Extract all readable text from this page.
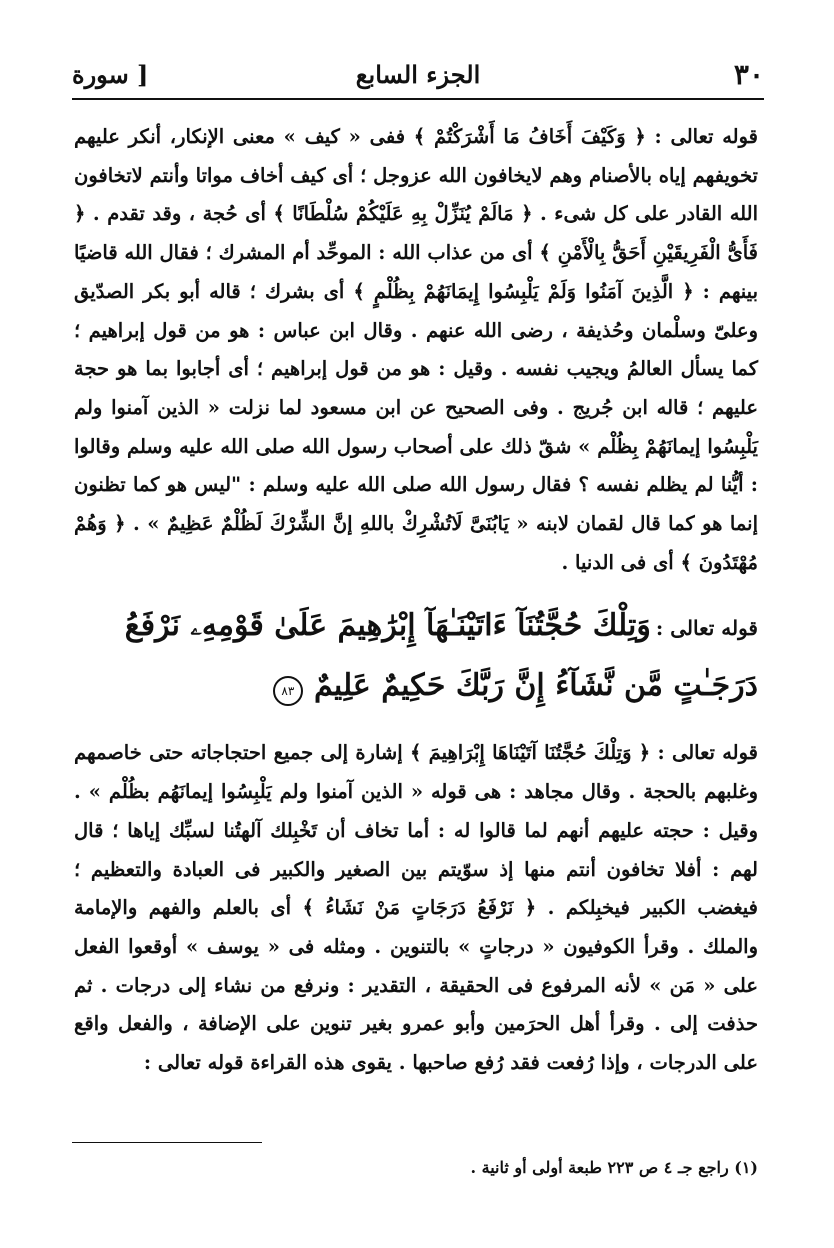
٣٠
الجزء السابع
[ سورة

قوله تعالى : ﴿ وَكَيْفَ أَخَافُ مَا أَشْرَكْتُمْ ﴾ ففى « كيف » معنى الإنكار، أنكر عليهم تخويفهم إياه بالأصنام وهم لايخافون الله عزوجل ؛ أى كيف أخاف مواتا وأنتم لاتخافون الله القادر على كل شىء . ﴿ مَالَمْ يُنَزِّلْ بِهِ عَلَيْكُمْ سُلْطَانًا ﴾ أى حُجة ، وقد تقدم . ﴿ فَأَىُّ الْفَرِيقَيْنِ أَحَقُّ بِالْأَمْنِ ﴾ أى من عذاب الله : الموحِّد أم المشرك ؛ فقال الله قاضيًا بينهم : ﴿ الَّذِينَ آمَنُوا وَلَمْ يَلْبِسُوا إِيمَانَهُمْ بِظُلْمٍ ﴾ أى بشرك ؛ قاله أبو بكر الصدّيق وعلىّ وسلْمان وحُذيفة ، رضى الله عنهم . وقال ابن عباس : هو من قول إبراهيم ؛ كما يسأل العالمُ ويجيب نفسه . وقيل : هو من قول إبراهيم ؛ أى أجابوا بما هو حجة عليهم ؛ قاله ابن جُريج . وفى الصحيح عن ابن مسعود لما نزلت « الذين آمنوا ولم يَلْبِسُوا إيمانَهُمْ بِظُلْم » شقّ ذلك على أصحاب رسول الله صلى الله عليه وسلم وقالوا : أيُّنا لم يظلم نفسه ؟ فقال رسول الله صلى الله عليه وسلم : "ليس هو كما تظنون إنما هو كما قال لقمان لابنه « يَابُنَىَّ لَاتُشْرِكْ باللهِ إنَّ الشِّرْكَ لَظُلْمٌ عَظِيمٌ » . ﴿ وَهُمْ مُهْتَدُونَ ﴾ أى فى الدنيا .

قوله تعالى : وَتِلْكَ حُجَّتُنَآ ءَاتَيْنَـٰهَآ إِبْرَٰهِيمَ عَلَىٰ قَوْمِهِۦ نَرْفَعُ دَرَجَـٰتٍ مَّن نَّشَآءُ إِنَّ رَبَّكَ حَكِيمٌ عَلِيمٌ ٨٣

قوله تعالى : ﴿ وَتِلْكَ حُجَّتُنَا آتَيْنَاهَا إِبْرَاهِيمَ ﴾ إشارة إلى جميع احتجاجاته حتى خاصمهم وغلبهم بالحجة . وقال مجاهد : هى قوله « الذين آمنوا ولم يَلْبِسُوا إيمانَهُم بظُلْم » . وقيل : حجته عليهم أنهم لما قالوا له : أما تخاف أن تَخْبِلك آلهتُنا لسبِّك إياها ؛ قال لهم : أفلا تخافون أنتم منها إذ سوّيتم بين الصغير والكبير فى العبادة والتعظيم ؛ فيغضب الكبير فيخبِلكم . ﴿ نَرْفَعُ دَرَجَاتٍ مَنْ نَشَاءُ ﴾ أى بالعلم والفهم والإمامة والملك . وقرأ الكوفيون « درجاتٍ » بالتنوين . ومثله فى « يوسف » أوقعوا الفعل على « مَن » لأنه المرفوع فى الحقيقة ، التقدير : ونرفع من نشاء إلى درجات . ثم حذفت إلى . وقرأ أهل الحرَمين وأبو عمرو بغير تنوين على الإضافة ، والفعل واقع على الدرجات ، وإذا رُفعت فقد رُفع صاحبها . يقوى هذه القراءة قوله تعالى :

(١) راجع جـ ٤ ص ٢٢٣ طبعة أولى أو ثانية .
